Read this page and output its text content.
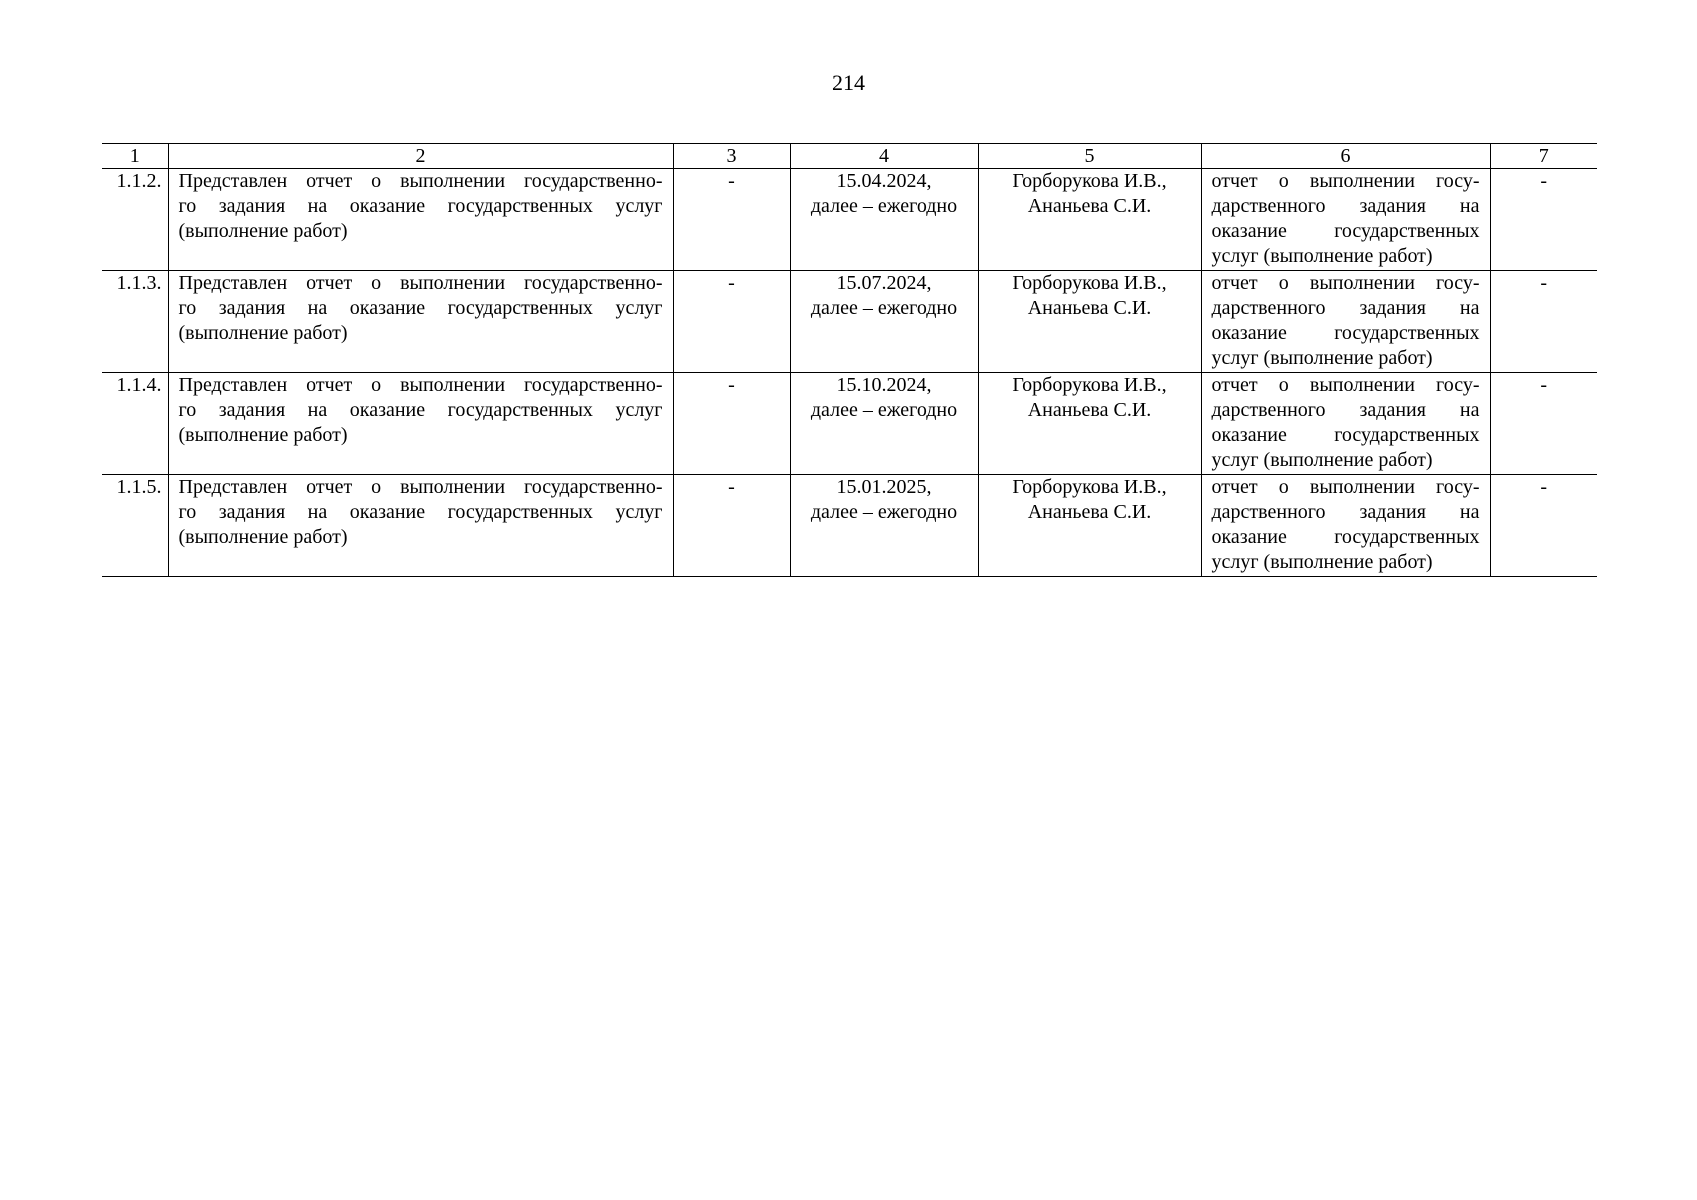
214
1	2	3	4	5	6	7
1.1.2.	Представлен отчет о выполнении государственно-
го задания на оказание государственных услуг
(выполнение работ)	-	15.04.2024,
далее – ежегодно	Горборукова И.В.,
Ананьева С.И.	отчет о выполнении госу-
дарственного задания на
оказание государственных
услуг (выполнение работ)	-
1.1.3.	Представлен отчет о выполнении государственно-
го задания на оказание государственных услуг
(выполнение работ)	-	15.07.2024,
далее – ежегодно	Горборукова И.В.,
Ананьева С.И.	отчет о выполнении госу-
дарственного задания на
оказание государственных
услуг (выполнение работ)	-
1.1.4.	Представлен отчет о выполнении государственно-
го задания на оказание государственных услуг
(выполнение работ)	-	15.10.2024,
далее – ежегодно	Горборукова И.В.,
Ананьева С.И.	отчет о выполнении госу-
дарственного задания на
оказание государственных
услуг (выполнение работ)	-
1.1.5.	Представлен отчет о выполнении государственно-
го задания на оказание государственных услуг
(выполнение работ)	-	15.01.2025,
далее – ежегодно	Горборукова И.В.,
Ананьева С.И.	отчет о выполнении госу-
дарственного задания на
оказание государственных
услуг (выполнение работ)	-
